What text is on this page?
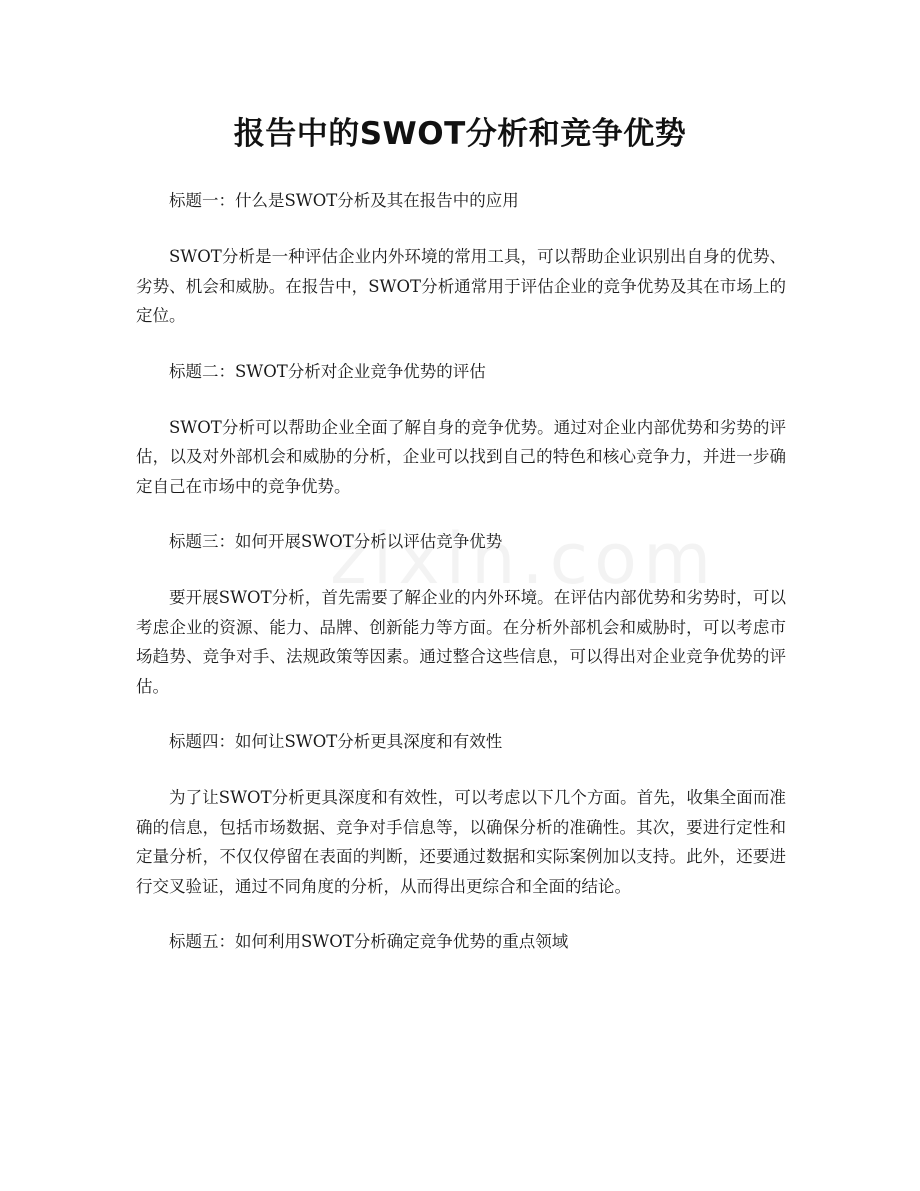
报告中的SWOT分析和竞争优势

标题一：什么是SWOT分析及其在报告中的应用

SWOT分析是一种评估企业内外环境的常用工具，可以帮助企业识别出自身的优势、劣势、机会和威胁。在报告中，SWOT分析通常用于评估企业的竞争优势及其在市场上的定位。

标题二：SWOT分析对企业竞争优势的评估

SWOT分析可以帮助企业全面了解自身的竞争优势。通过对企业内部优势和劣势的评估，以及对外部机会和威胁的分析，企业可以找到自己的特色和核心竞争力，并进一步确定自己在市场中的竞争优势。

标题三：如何开展SWOT分析以评估竞争优势

要开展SWOT分析，首先需要了解企业的内外环境。在评估内部优势和劣势时，可以考虑企业的资源、能力、品牌、创新能力等方面。在分析外部机会和威胁时，可以考虑市场趋势、竞争对手、法规政策等因素。通过整合这些信息，可以得出对企业竞争优势的评估。

标题四：如何让SWOT分析更具深度和有效性

为了让SWOT分析更具深度和有效性，可以考虑以下几个方面。首先，收集全面而准确的信息，包括市场数据、竞争对手信息等，以确保分析的准确性。其次，要进行定性和定量分析，不仅仅停留在表面的判断，还要通过数据和实际案例加以支持。此外，还要进行交叉验证，通过不同角度的分析，从而得出更综合和全面的结论。

标题五：如何利用SWOT分析确定竞争优势的重点领域
